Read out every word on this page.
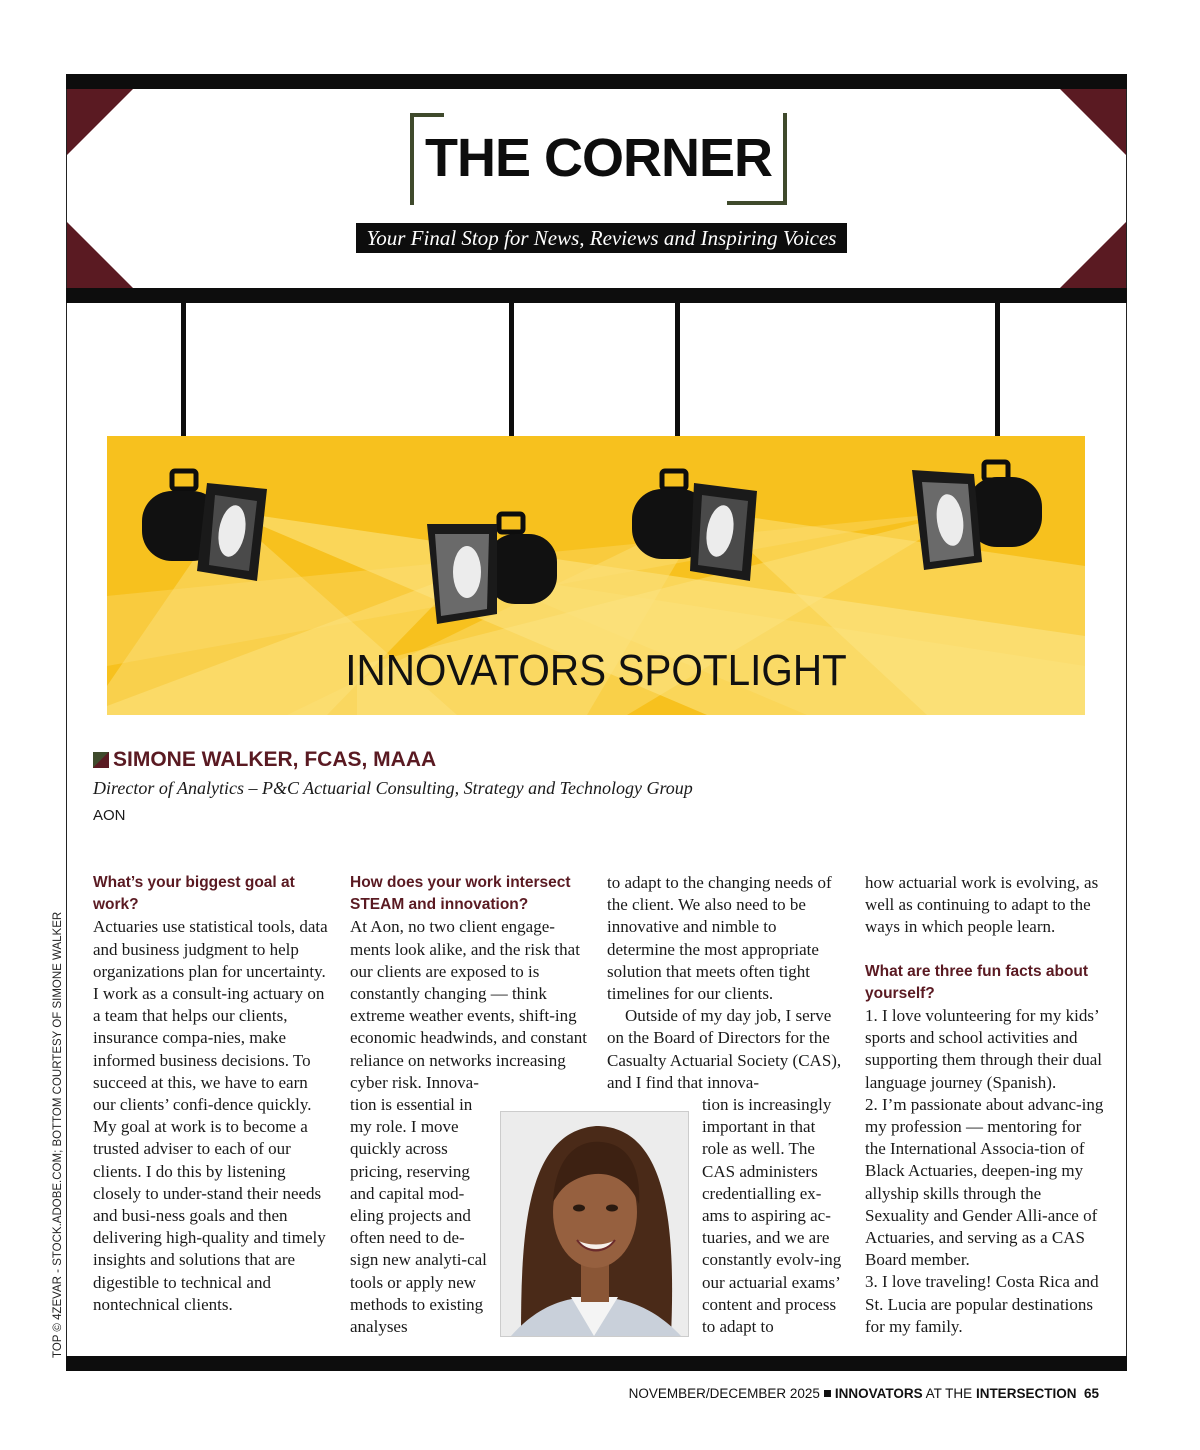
THE CORNER
Your Final Stop for News, Reviews and Inspiring Voices
INNOVATORS SPOTLIGHT
SIMONE WALKER, FCAS, MAAA
Director of Analytics – P&C Actuarial Consulting, Strategy and Technology Group
AON

What’s your biggest goal at work?

Actuaries use statistical tools, data and business judgment to help organizations plan for uncertainty. I work as a consult-ing actuary on a team that helps our clients, insurance compa-nies, make informed business decisions. To succeed at this, we have to earn our clients’ confi-dence quickly. My goal at work is to become a trusted adviser to each of our clients. I do this by listening closely to under-stand their needs and busi-ness goals and then delivering high-quality and timely insights and solutions that are digestible to technical and nontechnical clients.

How does your work intersect STEAM and innovation?

At Aon, no two client engage-ments look alike, and the risk that our clients are exposed to is constantly changing — think extreme weather events, shift-ing economic headwinds, and constant reliance on networks increasing cyber risk. Innova-

tion is essential in my role. I move quickly across pricing, reserving and capital mod-eling projects and often need to de-sign new analyti-cal tools or apply new methods to existing analyses

to adapt to the changing needs of the client. We also need to be innovative and nimble to determine the most appropriate solution that meets often tight timelines for our clients.

Outside of my day job, I serve on the Board of Directors for the Casualty Actuarial Society (CAS), and I find that innova-

tion is increasingly important in that role as well. The CAS administers credentialling ex-ams to aspiring ac-tuaries, and we are constantly evolv-ing our actuarial exams’ content and process to adapt to

how actuarial work is evolving, as well as continuing to adapt to the ways in which people learn.

What are three fun facts about yourself?

1. I love volunteering for my kids’ sports and school activities and supporting them through their dual language journey (Spanish).

2. I’m passionate about advanc-ing my profession — mentoring for the International Associa-tion of Black Actuaries, deepen-ing my allyship skills through the Sexuality and Gender Alli-ance of Actuaries, and serving as a CAS Board member.

3. I love traveling! Costa Rica and St. Lucia are popular destinations for my family.

TOP © 4ZEVAR - STOCK.ADOBE.COM; BOTTOM COURTESY OF SIMONE WALKER
NOVEMBER/DECEMBER 2025 INNOVATORS AT THE INTERSECTION 65
